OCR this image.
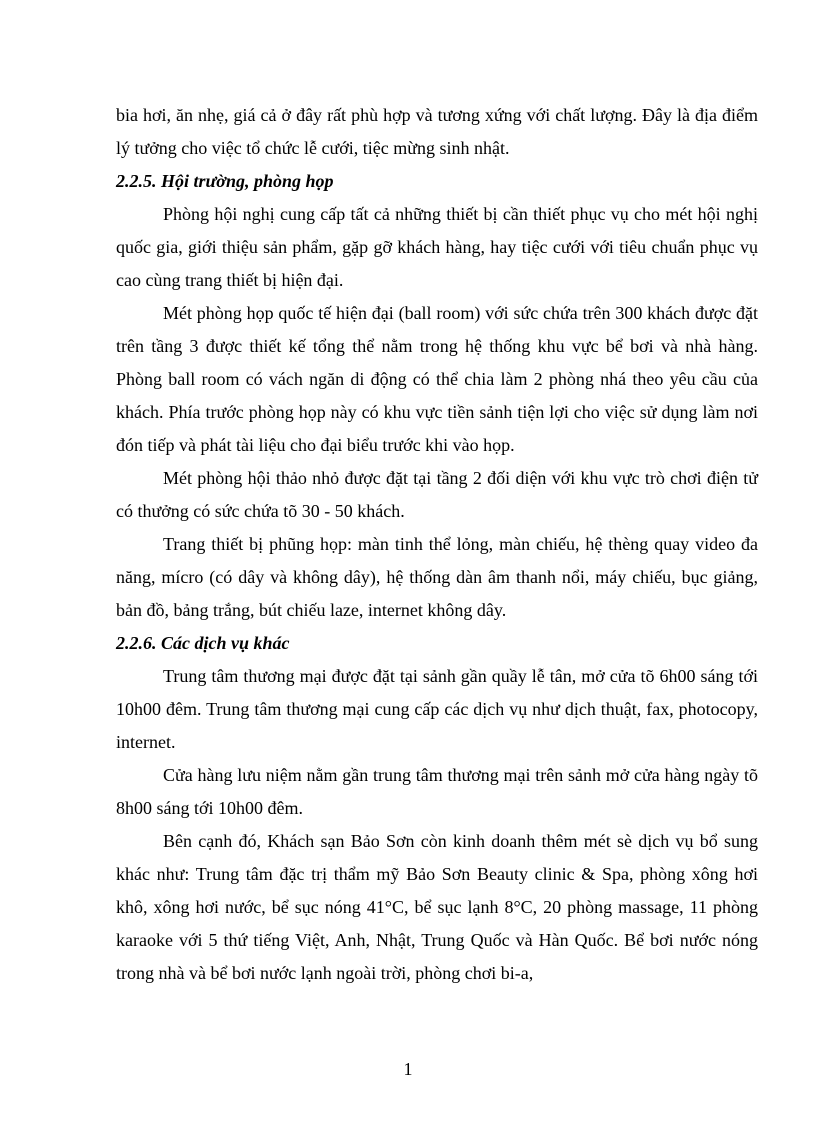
bia hơi, ăn nhẹ, giá cả ở đây rất phù hợp và tương xứng với chất lượng. Đây là địa điểm lý tưởng cho việc tổ chức lễ cưới, tiệc mừng sinh nhật.

2.2.5. Hội trường, phòng họp

Phòng hội nghị cung cấp tất cả những thiết bị cần thiết phục vụ cho mét hội nghị quốc gia, giới thiệu sản phẩm, gặp gỡ khách hàng, hay tiệc cưới với tiêu chuẩn phục vụ cao cùng trang thiết bị hiện đại.

Mét phòng họp quốc tế hiện đại (ball room) với sức chứa trên 300 khách được đặt trên tầng 3 được thiết kế tổng thể nằm trong hệ thống khu vực bể bơi và nhà hàng. Phòng ball room có vách ngăn di động có thể chia làm 2 phòng nhá theo yêu cầu của khách. Phía trước phòng họp này có khu vực tiền sảnh tiện lợi cho việc sử dụng làm nơi đón tiếp và phát tài liệu cho đại biểu trước khi vào họp.

Mét phòng hội thảo nhỏ được đặt tại tầng 2 đối diện với khu vực trò chơi điện tử có thưởng có sức chứa tõ 30 - 50 khách.

Trang thiết bị phũng họp: màn tinh thể lỏng, màn chiếu, hệ thèng quay video đa năng, mícro (có dây và không dây), hệ thống dàn âm thanh nổi, máy chiếu, bục giảng, bản đồ, bảng trắng, bút chiếu laze, internet không dây.

2.2.6. Các dịch vụ khác

Trung tâm thương mại được đặt tại sảnh gần quầy lễ tân, mở cửa tõ 6h00 sáng tới 10h00 đêm. Trung tâm thương mại cung cấp các dịch vụ như dịch thuật, fax, photocopy, internet.

Cửa hàng lưu niệm nằm gần trung tâm thương mại trên sảnh mở cửa hàng ngày tõ 8h00 sáng tới 10h00 đêm.

Bên cạnh đó, Khách sạn Bảo Sơn còn kinh doanh thêm mét sè dịch vụ bổ sung khác như: Trung tâm đặc trị thẩm mỹ Bảo Sơn Beauty clinic & Spa, phòng xông hơi khô, xông hơi nước, bể sục nóng 41°C, bể sục lạnh 8°C, 20 phòng massage, 11 phòng karaoke với 5 thứ tiếng Việt, Anh, Nhật, Trung Quốc và Hàn Quốc. Bể bơi nước nóng trong nhà và bể bơi nước lạnh ngoài trời, phòng chơi bi-a,

1
